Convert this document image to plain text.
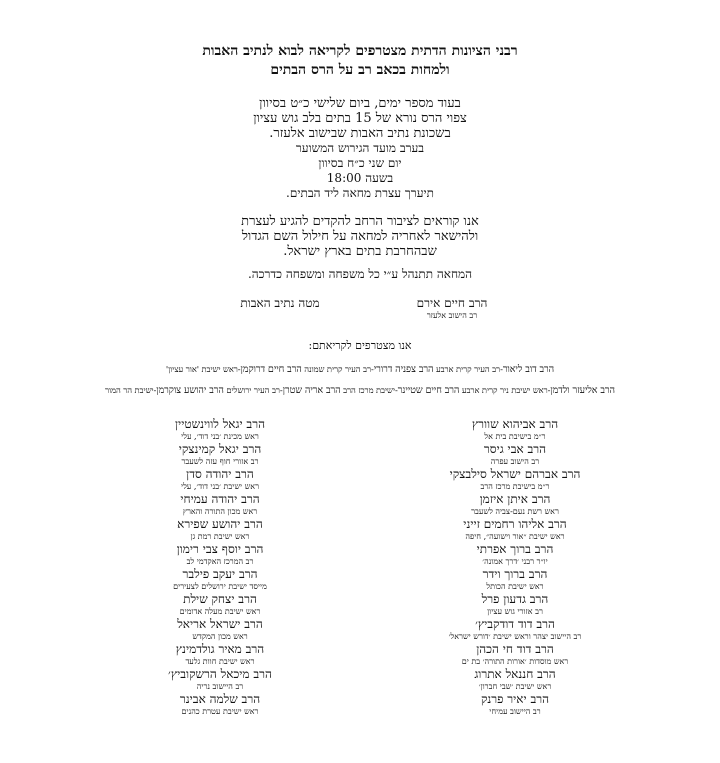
רבני הציונות הדתית מצטרפים לקריאה לבוא לנתיב האבות
ולמחות בכאב רב על הרס הבתים
בעוד מספר ימים, ביום שלישי כ״ט בסיוון
צפוי הרס נורא של 15 בתים בלב גוש עציון
בשכונת נתיב האבות שבישוב אלעזר.
בערב מועד הגירוש המשוער
יום שני כ״ח בסיוון
בשעה 18:00
תיערך עצרת מחאה ליד הבתים.
אנו קוראים לציבור הרחב להקדים להגיע לעצרת
ולהישאר לאחריה למחאה על חילול השם הגדול
שבהחרבת בתים בארץ ישראל.
המחאה תתנהל ע״י כל משפחה ומשפחה כדרכה.
הרב חיים אירם
רב הישוב אלעזר
מטה נתיב האבות
אנו מצטרפים לקריאתם:
הרב דוב ליאור-רב העיר קרית ארבע הרב צפניה דרורי-רב העיר קרית שמונה הרב חיים דרוקמן-ראש ישיבת 'אור עציון'
הרב אליעזר ולדמן-ראש ישיבת ניר קרית ארבע הרב חיים שטיינר-ישיבת מרכז הרב הרב אריה שטרן-רב העיר ירושלים הרב יהושע צוקרמן-ישיבת הר המור
הרב אביהוא שוורץ
ר״מ בישיבת בית אל
הרב אבי גיסר
רב הישוב עפרה
הרב אברהם ישראל סילבצקי
ר״מ בישיבת מרכז הרב
הרב איתן איזמן
ראש רשת נעם-צביה לשעבר
הרב אליהו רחמים זייני
ראש ישיבת ״אור וישועה״, חיפה
הרב ברוך אפרתי
יו״ר רבני ׳דרך אמונה׳
הרב ברוך וידר
ראש ישיבת הכותל
הרב גדעון פרל
רב אזורי גוש עציון
הרב דוד דודקביץ׳
רב היישוב יצהר וראש ישיבת ׳דורש ישראל׳
הרב דוד חי הכהן
ראש מוסדות ׳אורות התורה׳ בת ים
הרב חננאל אתרוג
ראש ישיבת ׳שבי חברון׳
הרב יאיר פרנק
רב היישוב עמיחי
הרב יגאל לווינשטיין
ראש מכינת ׳בני דוד׳, עלי
הרב יגאל קמינצקי
רב אזורי חוף עזה לשעבר
הרב יהודה סדן
ראש ישיבת ׳בני דוד׳, עלי
הרב יהודה עמיחי
ראש מכון התורה והארץ
הרב יהושע שפירא
ראש ישיבת רמת גן
הרב יוסף צבי רימון
רב המרכז האקדמי לב
הרב יעקב פילבר
מייסד ישיבת ירושלים לצעירים
הרב יצחק שילת
ראש ישיבת מעלה אדומים
הרב ישראל אריאל
ראש מכון המקדש
הרב מאיר גולדמינץ
ראש ישיבת חוות גלעד
הרב מיכאל הרשקוביץ׳
רב היישוב נריה
הרב שלמה אבינר
ראש ישיבת עטרת כהנים
